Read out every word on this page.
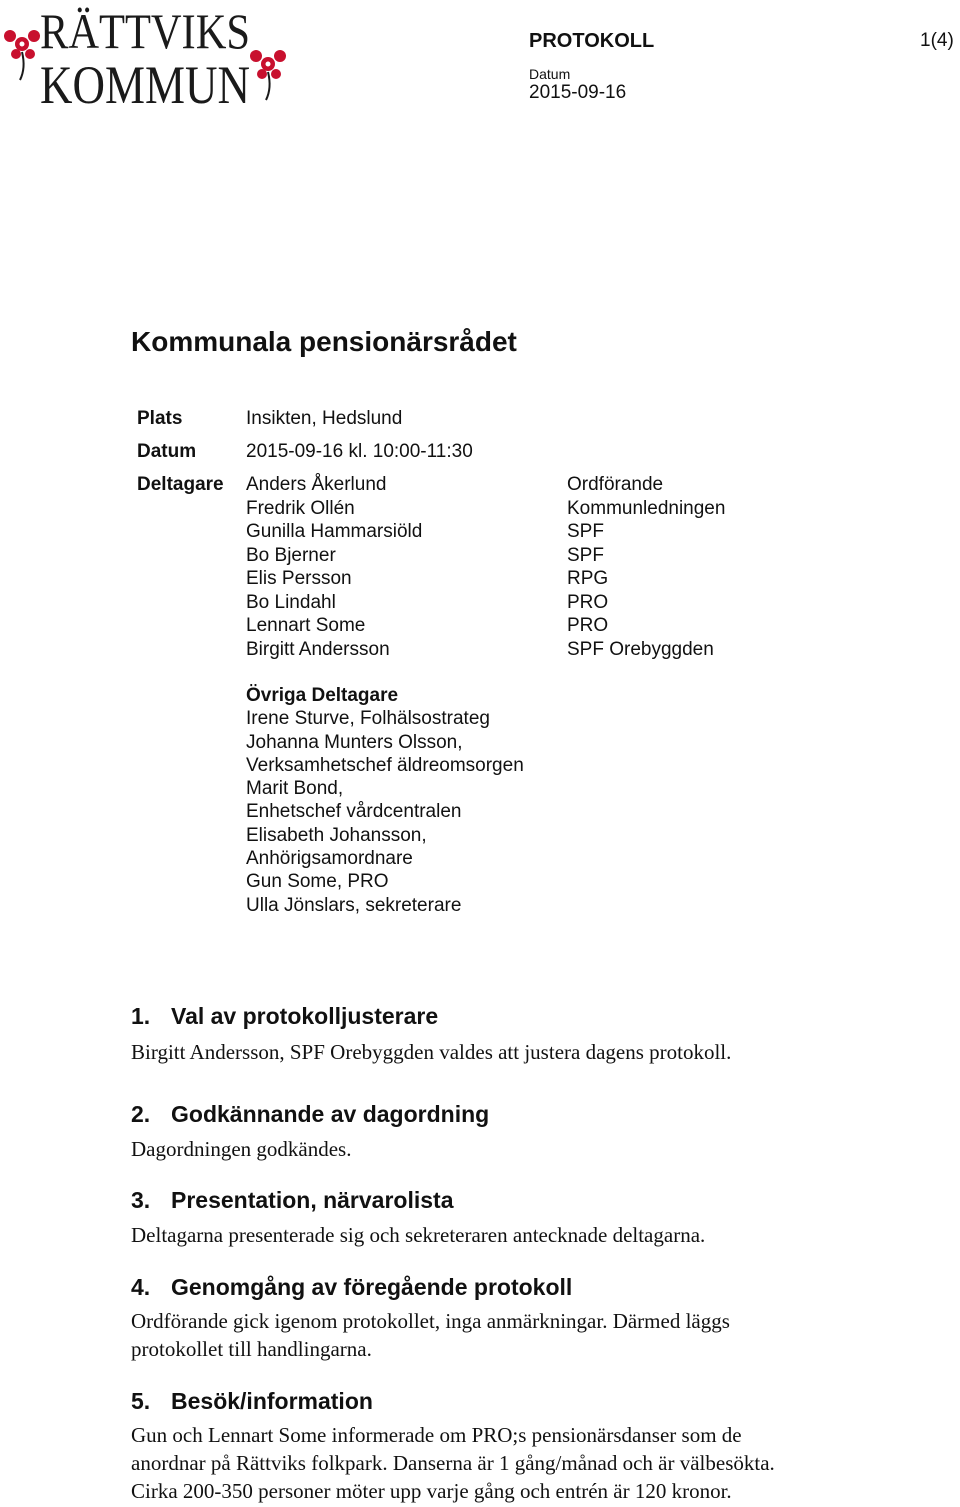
RÄTTVIKS
KOMMUN
PROTOKOLL	1(4)
Datum
2015-09-16
Kommunala pensionärsrådet
Plats	Insikten, Hedslund
Datum	2015-09-16 kl. 10:00-11:30
Deltagare Anders Åkerlund	Ordförande
Fredrik Ollén	Kommunledningen
Gunilla Hammarsiöld	SPF
Bo Bjerner	SPF
Elis Persson	RPG
Bo Lindahl	PRO
Lennart Some	PRO
Birgitt Andersson	SPF Orebyggden
Övriga Deltagare
Irene Sturve, Folhälsostrateg
Johanna Munters Olsson,
Verksamhetschef äldreomsorgen
Marit Bond,
Enhetschef vårdcentralen
Elisabeth Johansson,
Anhörigsamordnare
Gun Some, PRO
Ulla Jönslars, sekreterare
1. Val av protokolljusterare
Birgitt Andersson, SPF Orebyggden valdes att justera dagens protokoll.
2. Godkännande av dagordning
Dagordningen godkändes.
3. Presentation, närvarolista
Deltagarna presenterade sig och sekreteraren antecknade deltagarna.
4. Genomgång av föregående protokoll
Ordförande gick igenom protokollet, inga anmärkningar. Därmed läggs
protokollet till handlingarna.
5. Besök/information
Gun och Lennart Some informerade om PRO;s pensionärsdanser som de
anordnar på Rättviks folkpark. Danserna är 1 gång/månad och är välbesökta.
Cirka 200-350 personer möter upp varje gång och entrén är 120 kronor.
